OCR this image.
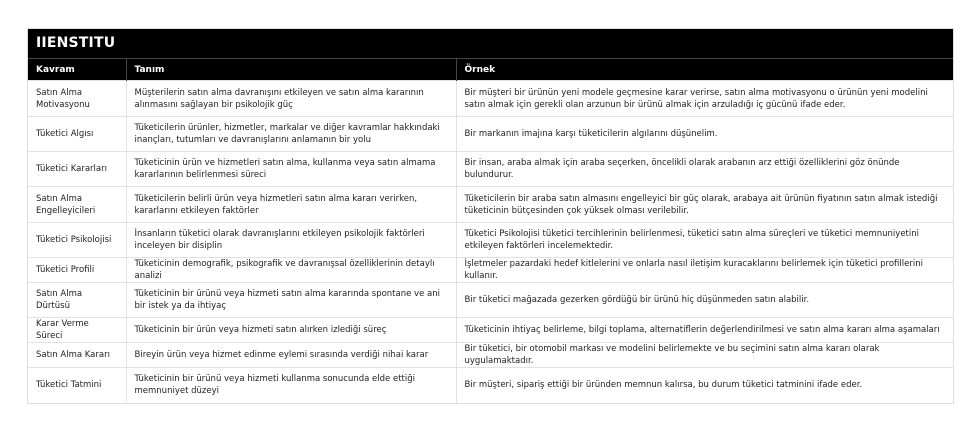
IIENSTITU
Kavram	Tanım	Örnek
Satın Alma Motivasyonu	Müşterilerin satın alma davranışını etkileyen ve satın alma kararının alınmasını sağlayan bir psikolojik güç	Bir müşteri bir ürünün yeni modele geçmesine karar verirse, satın alma motivasyonu o ürünün yeni modelini satın almak için gerekli olan arzunun bir ürünü almak için arzuladığı iç gücünü ifade eder.
Tüketici Algısı	Tüketicilerin ürünler, hizmetler, markalar ve diğer kavramlar hakkındaki inançları, tutumları ve davranışlarını anlamanın bir yolu	Bir markanın imajına karşı tüketicilerin algılarını düşünelim.
Tüketici Kararları	Tüketicinin ürün ve hizmetleri satın alma, kullanma veya satın almama kararlarının belirlenmesi süreci	Bir insan, araba almak için araba seçerken, öncelikli olarak arabanın arz ettiği özelliklerini göz önünde bulundurur.
Satın Alma Engelleyicileri	Tüketicilerin belirli ürün veya hizmetleri satın alma kararı verirken, kararlarını etkileyen faktörler	Tüketicilerin bir araba satın almasını engelleyici bir güç olarak, arabaya ait ürünün fiyatının satın almak istediği tüketicinin bütçesinden çok yüksek olması verilebilir.
Tüketici Psikolojisi	İnsanların tüketici olarak davranışlarını etkileyen psikolojik faktörleri inceleyen bir disiplin	Tüketici Psikolojisi tüketici tercihlerinin belirlenmesi, tüketici satın alma süreçleri ve tüketici memnuniyetini etkileyen faktörleri incelemektedir.
Tüketici Profili	Tüketicinin demografik, psikografik ve davranışsal özelliklerinin detaylı analizi	İşletmeler pazardaki hedef kitlelerini ve onlarla nasıl iletişim kuracaklarını belirlemek için tüketici profillerini kullanır.
Satın Alma Dürtüsü	Tüketicinin bir ürünü veya hizmeti satın alma kararında spontane ve ani bir istek ya da ihtiyaç	Bir tüketici mağazada gezerken gördüğü bir ürünü hiç düşünmeden satın alabilir.
Karar Verme Süreci	Tüketicinin bir ürün veya hizmeti satın alırken izlediği süreç	Tüketicinin ihtiyaç belirleme, bilgi toplama, alternatiflerin değerlendirilmesi ve satın alma kararı alma aşamaları
Satın Alma Kararı	Bireyin ürün veya hizmet edinme eylemi sırasında verdiği nihai karar	Bir tüketici, bir otomobil markası ve modelini belirlemekte ve bu seçimini satın alma kararı olarak uygulamaktadır.
Tüketici Tatmini	Tüketicinin bir ürünü veya hizmeti kullanma sonucunda elde ettiği memnuniyet düzeyi	Bir müşteri, sipariş ettiği bir üründen memnun kalırsa, bu durum tüketici tatminini ifade eder.
